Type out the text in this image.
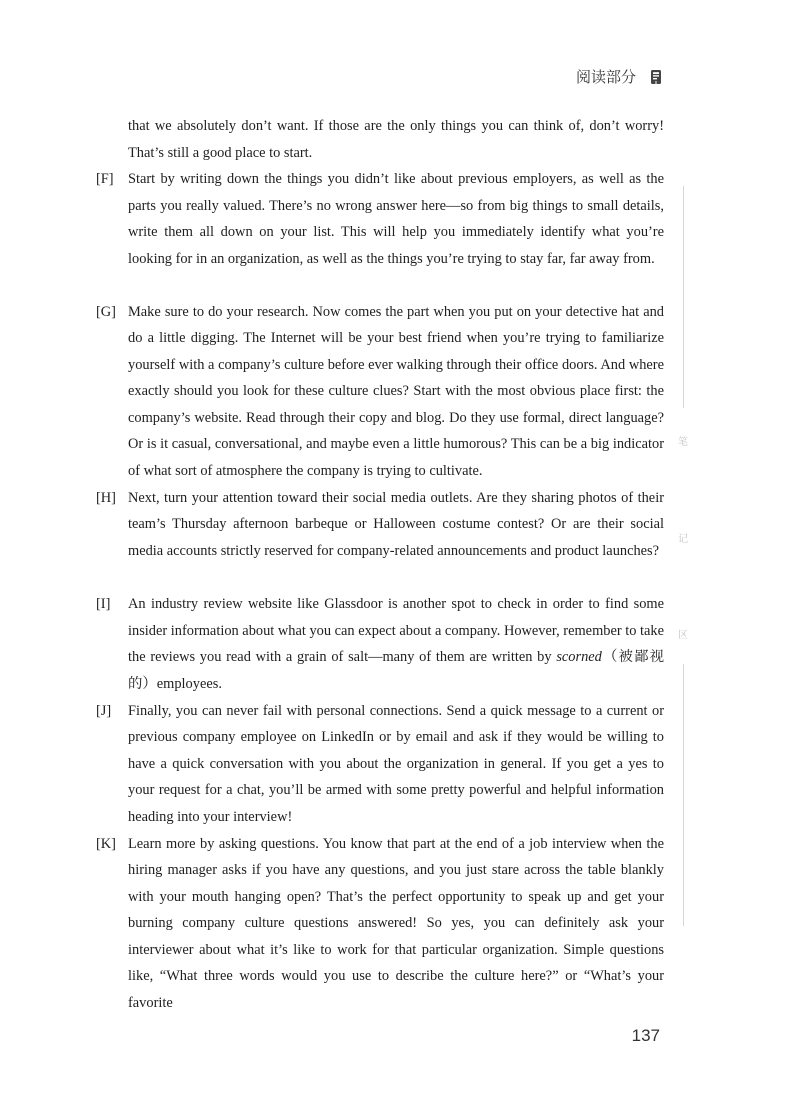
阅读部分
that we absolutely don’t want. If those are the only things you can think of, don’t worry! That’s still a good place to start.
[F] Start by writing down the things you didn’t like about previous employers, as well as the parts you really valued. There’s no wrong answer here—so from big things to small details, write them all down on your list. This will help you immediately identify what you’re looking for in an organization, as well as the things you’re trying to stay far, far away from.
[G] Make sure to do your research. Now comes the part when you put on your detective hat and do a little digging. The Internet will be your best friend when you’re trying to familiarize yourself with a company’s culture before ever walking through their office doors. And where exactly should you look for these culture clues? Start with the most obvious place first: the company’s website. Read through their copy and blog. Do they use formal, direct language? Or is it casual, conversational, and maybe even a little humorous? This can be a big indicator of what sort of atmosphere the company is trying to cultivate.
[H] Next, turn your attention toward their social media outlets. Are they sharing photos of their team’s Thursday afternoon barbeque or Halloween costume contest? Or are their social media accounts strictly reserved for company-related announcements and product launches?
[I] An industry review website like Glassdoor is another spot to check in order to find some insider information about what you can expect about a company. However, remember to take the reviews you read with a grain of salt—many of them are written by scorned（被鄙视的）employees.
[J] Finally, you can never fail with personal connections. Send a quick message to a current or previous company employee on LinkedIn or by email and ask if they would be willing to have a quick conversation with you about the organization in general. If you get a yes to your request for a chat, you’ll be armed with some pretty powerful and helpful information heading into your interview!
[K] Learn more by asking questions. You know that part at the end of a job interview when the hiring manager asks if you have any questions, and you just stare across the table blankly with your mouth hanging open? That’s the perfect opportunity to speak up and get your burning company culture questions answered! So yes, you can definitely ask your interviewer about what it’s like to work for that particular organization. Simple questions like, “What three words would you use to describe the culture here?” or “What’s your favorite
笔
记
区
137
